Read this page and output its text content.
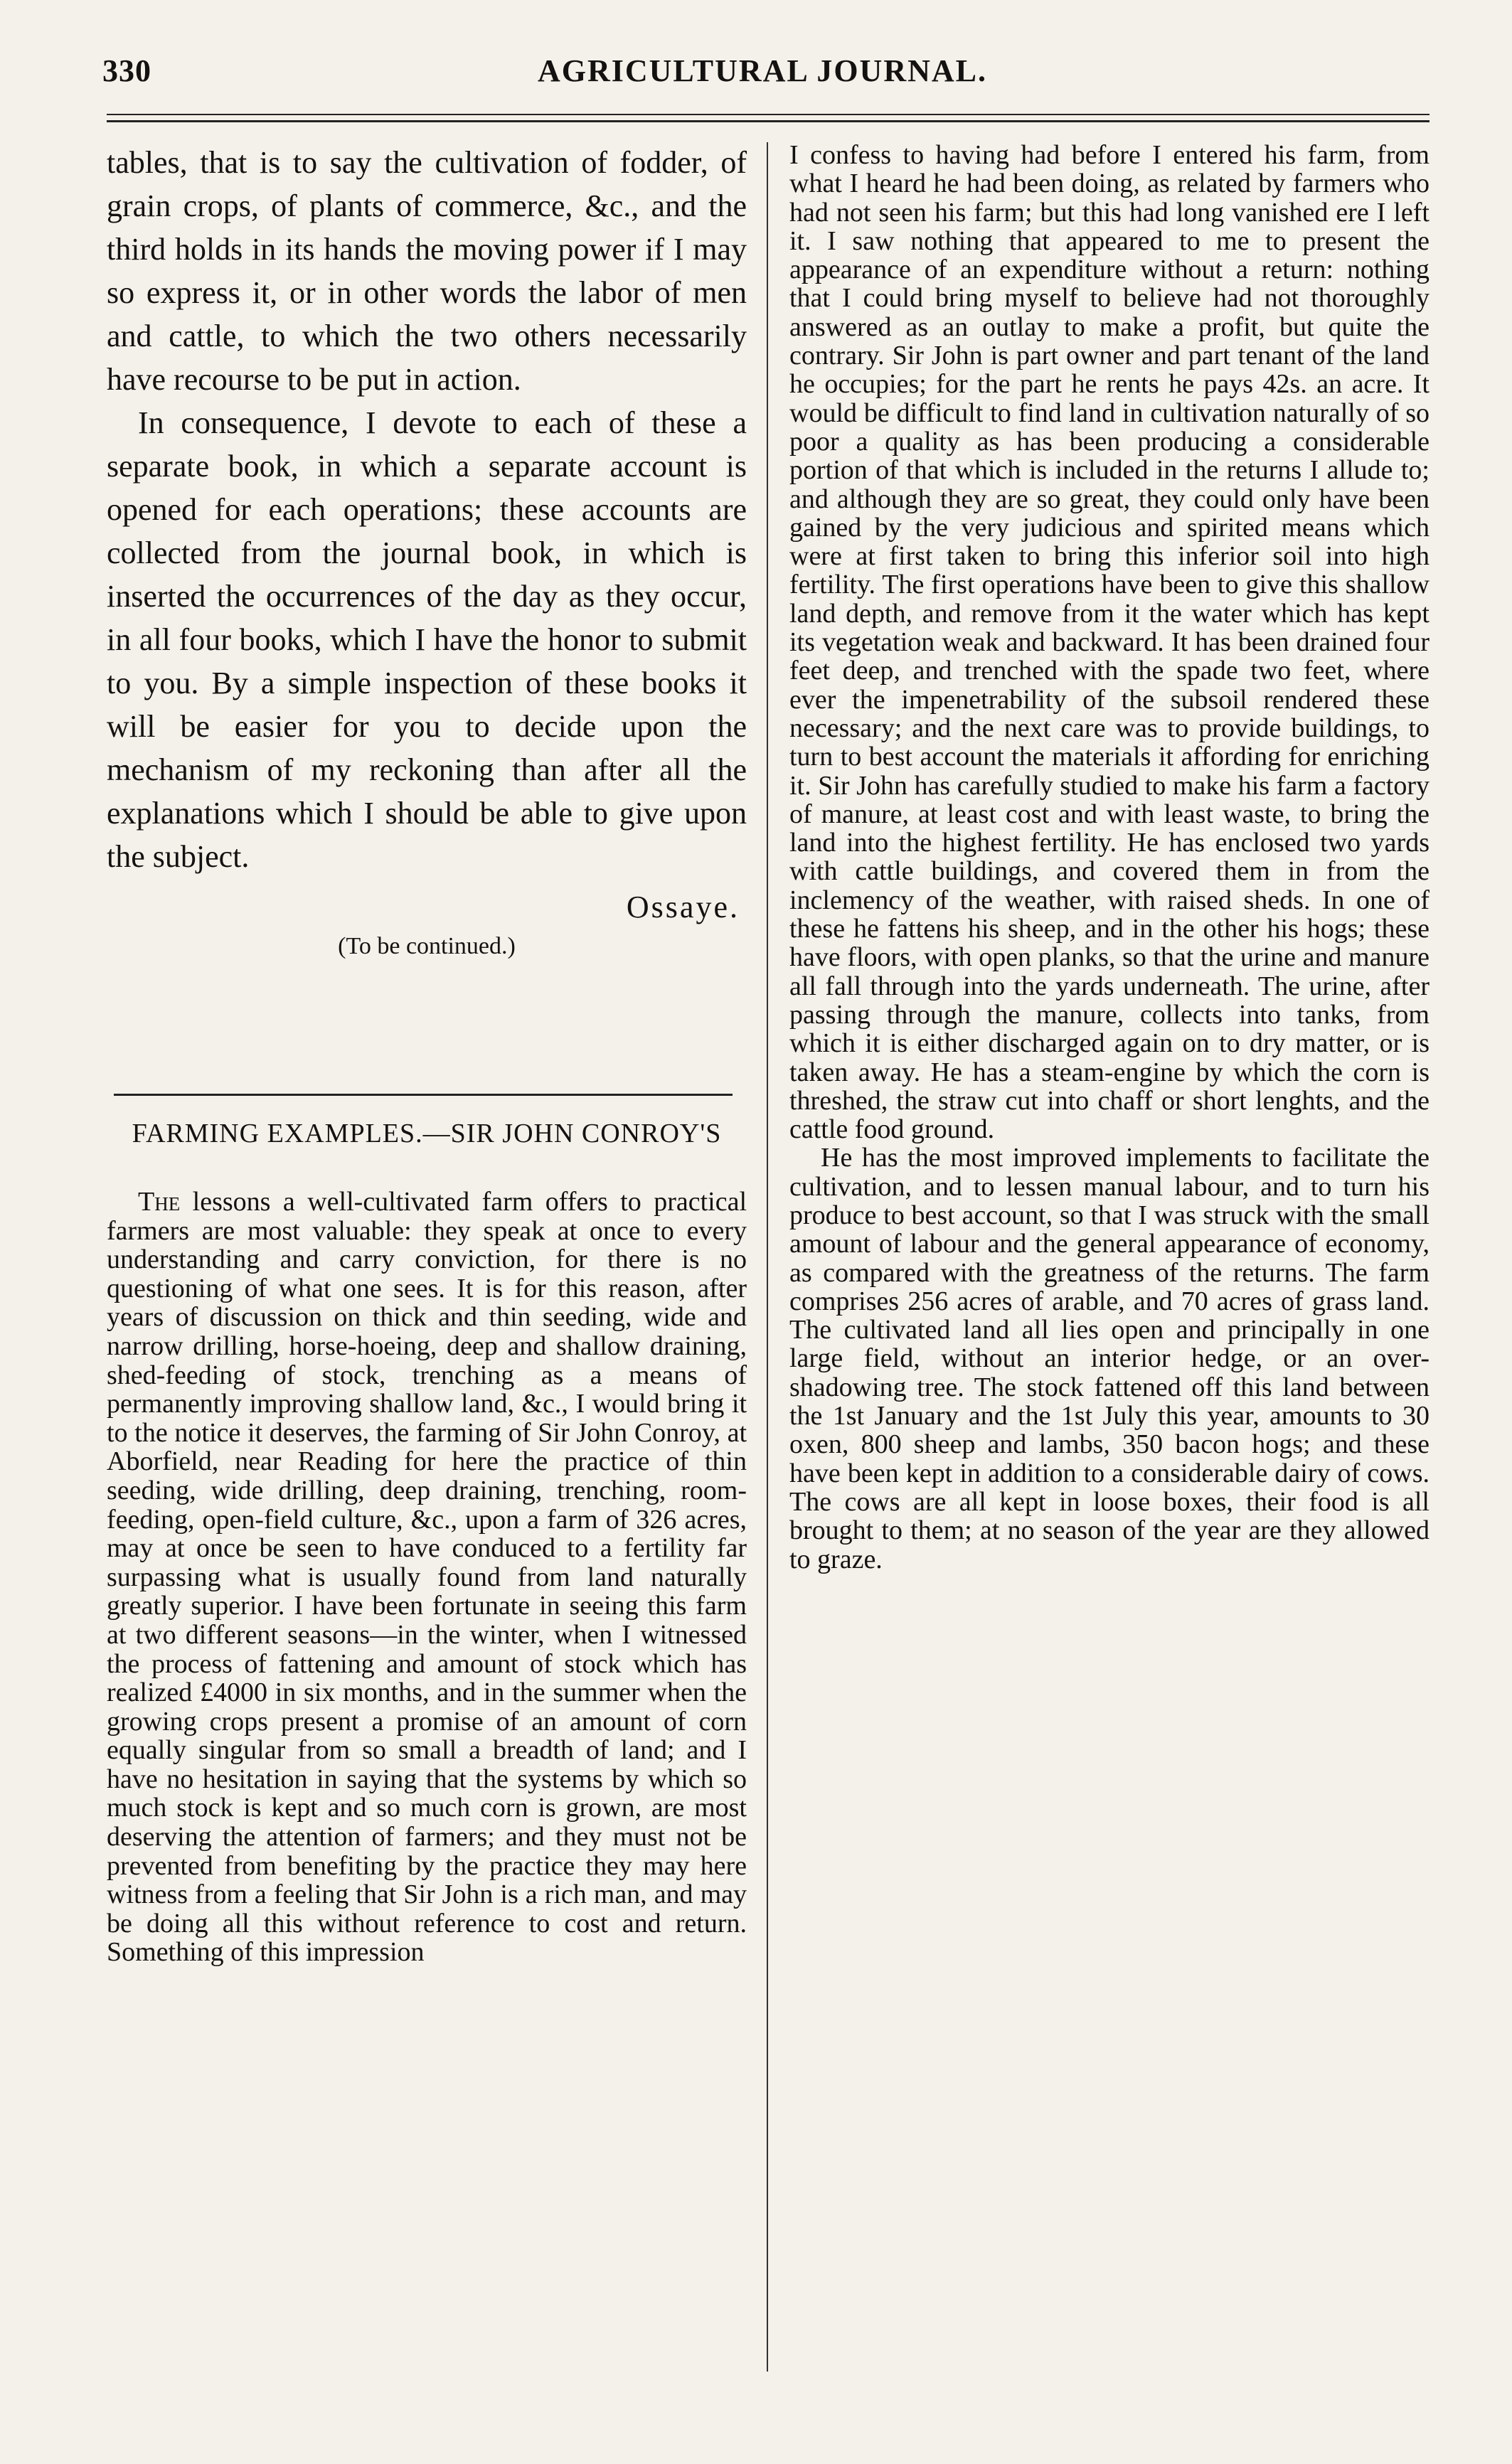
330	AGRICULTURAL JOURNAL.

tables, that is to say the cultivation of fodder, of grain crops, of plants of commerce, &c., and the third holds in its hands the moving power if I may so express it, or in other words the labor of men and cattle, to which the two others necessarily have recourse to be put in action.

In consequence, I devote to each of these a separate book, in which a separate account is opened for each operations; these accounts are collected from the journal book, in which is inserted the occurrences of the day as they occur, in all four books, which I have the honor to submit to you. By a simple inspection of these books it will be easier for you to decide upon the mechanism of my reckoning than after all the explanations which I should be able to give upon the subject.

Ossaye.

(To be continued.)

FARMING EXAMPLES.—SIR JOHN CONROY'S

The lessons a well-cultivated farm offers to practical farmers are most valuable: they speak at once to every understanding and carry conviction, for there is no questioning of what one sees. It is for this reason, after years of discussion on thick and thin seeding, wide and narrow drilling, horse-hoeing, deep and shallow draining, shed-feeding of stock, trenching as a means of permanently improving shallow land, &c., I would bring it to the notice it deserves, the farming of Sir John Conroy, at Aborfield, near Reading for here the practice of thin seeding, wide drilling, deep draining, trenching, room-feeding, open-field culture, &c., upon a farm of 326 acres, may at once be seen to have conduced to a fertility far surpassing what is usually found from land naturally greatly superior. I have been fortunate in seeing this farm at two different seasons—in the winter, when I witnessed the process of fattening and amount of stock which has realized £4000 in six months, and in the summer when the growing crops present a promise of an amount of corn equally singular from so small a breadth of land; and I have no hesitation in saying that the systems by which so much stock is kept and so much corn is grown, are most deserving the attention of farmers; and they must not be prevented from benefiting by the practice they may here witness from a feeling that Sir John is a rich man, and may be doing all this without reference to cost and return. Something of this impression

I confess to having had before I entered his farm, from what I heard he had been doing, as related by farmers who had not seen his farm; but this had long vanished ere I left it. I saw nothing that appeared to me to present the appearance of an expenditure without a return: nothing that I could bring myself to believe had not thoroughly answered as an outlay to make a profit, but quite the contrary. Sir John is part owner and part tenant of the land he occupies; for the part he rents he pays 42s. an acre. It would be difficult to find land in cultivation naturally of so poor a quality as has been producing a considerable portion of that which is included in the returns I allude to; and although they are so great, they could only have been gained by the very judicious and spirited means which were at first taken to bring this inferior soil into high fertility. The first operations have been to give this shallow land depth, and remove from it the water which has kept its vegetation weak and backward. It has been drained four feet deep, and trenched with the spade two feet, where ever the impenetrability of the subsoil rendered these necessary; and the next care was to provide buildings, to turn to best account the materials it affording for enriching it. Sir John has carefully studied to make his farm a factory of manure, at least cost and with least waste, to bring the land into the highest fertility. He has enclosed two yards with cattle buildings, and covered them in from the inclemency of the weather, with raised sheds. In one of these he fattens his sheep, and in the other his hogs; these have floors, with open planks, so that the urine and manure all fall through into the yards underneath. The urine, after passing through the manure, collects into tanks, from which it is either discharged again on to dry matter, or is taken away. He has a steam-engine by which the corn is threshed, the straw cut into chaff or short lenghts, and the cattle food ground.

He has the most improved implements to facilitate the cultivation, and to lessen manual labour, and to turn his produce to best account, so that I was struck with the small amount of labour and the general appearance of economy, as compared with the greatness of the returns. The farm comprises 256 acres of arable, and 70 acres of grass land. The cultivated land all lies open and principally in one large field, without an interior hedge, or an over-shadowing tree. The stock fattened off this land between the 1st January and the 1st July this year, amounts to 30 oxen, 800 sheep and lambs, 350 bacon hogs; and these have been kept in addition to a considerable dairy of cows. The cows are all kept in loose boxes, their food is all brought to them; at no season of the year are they allowed to graze.
